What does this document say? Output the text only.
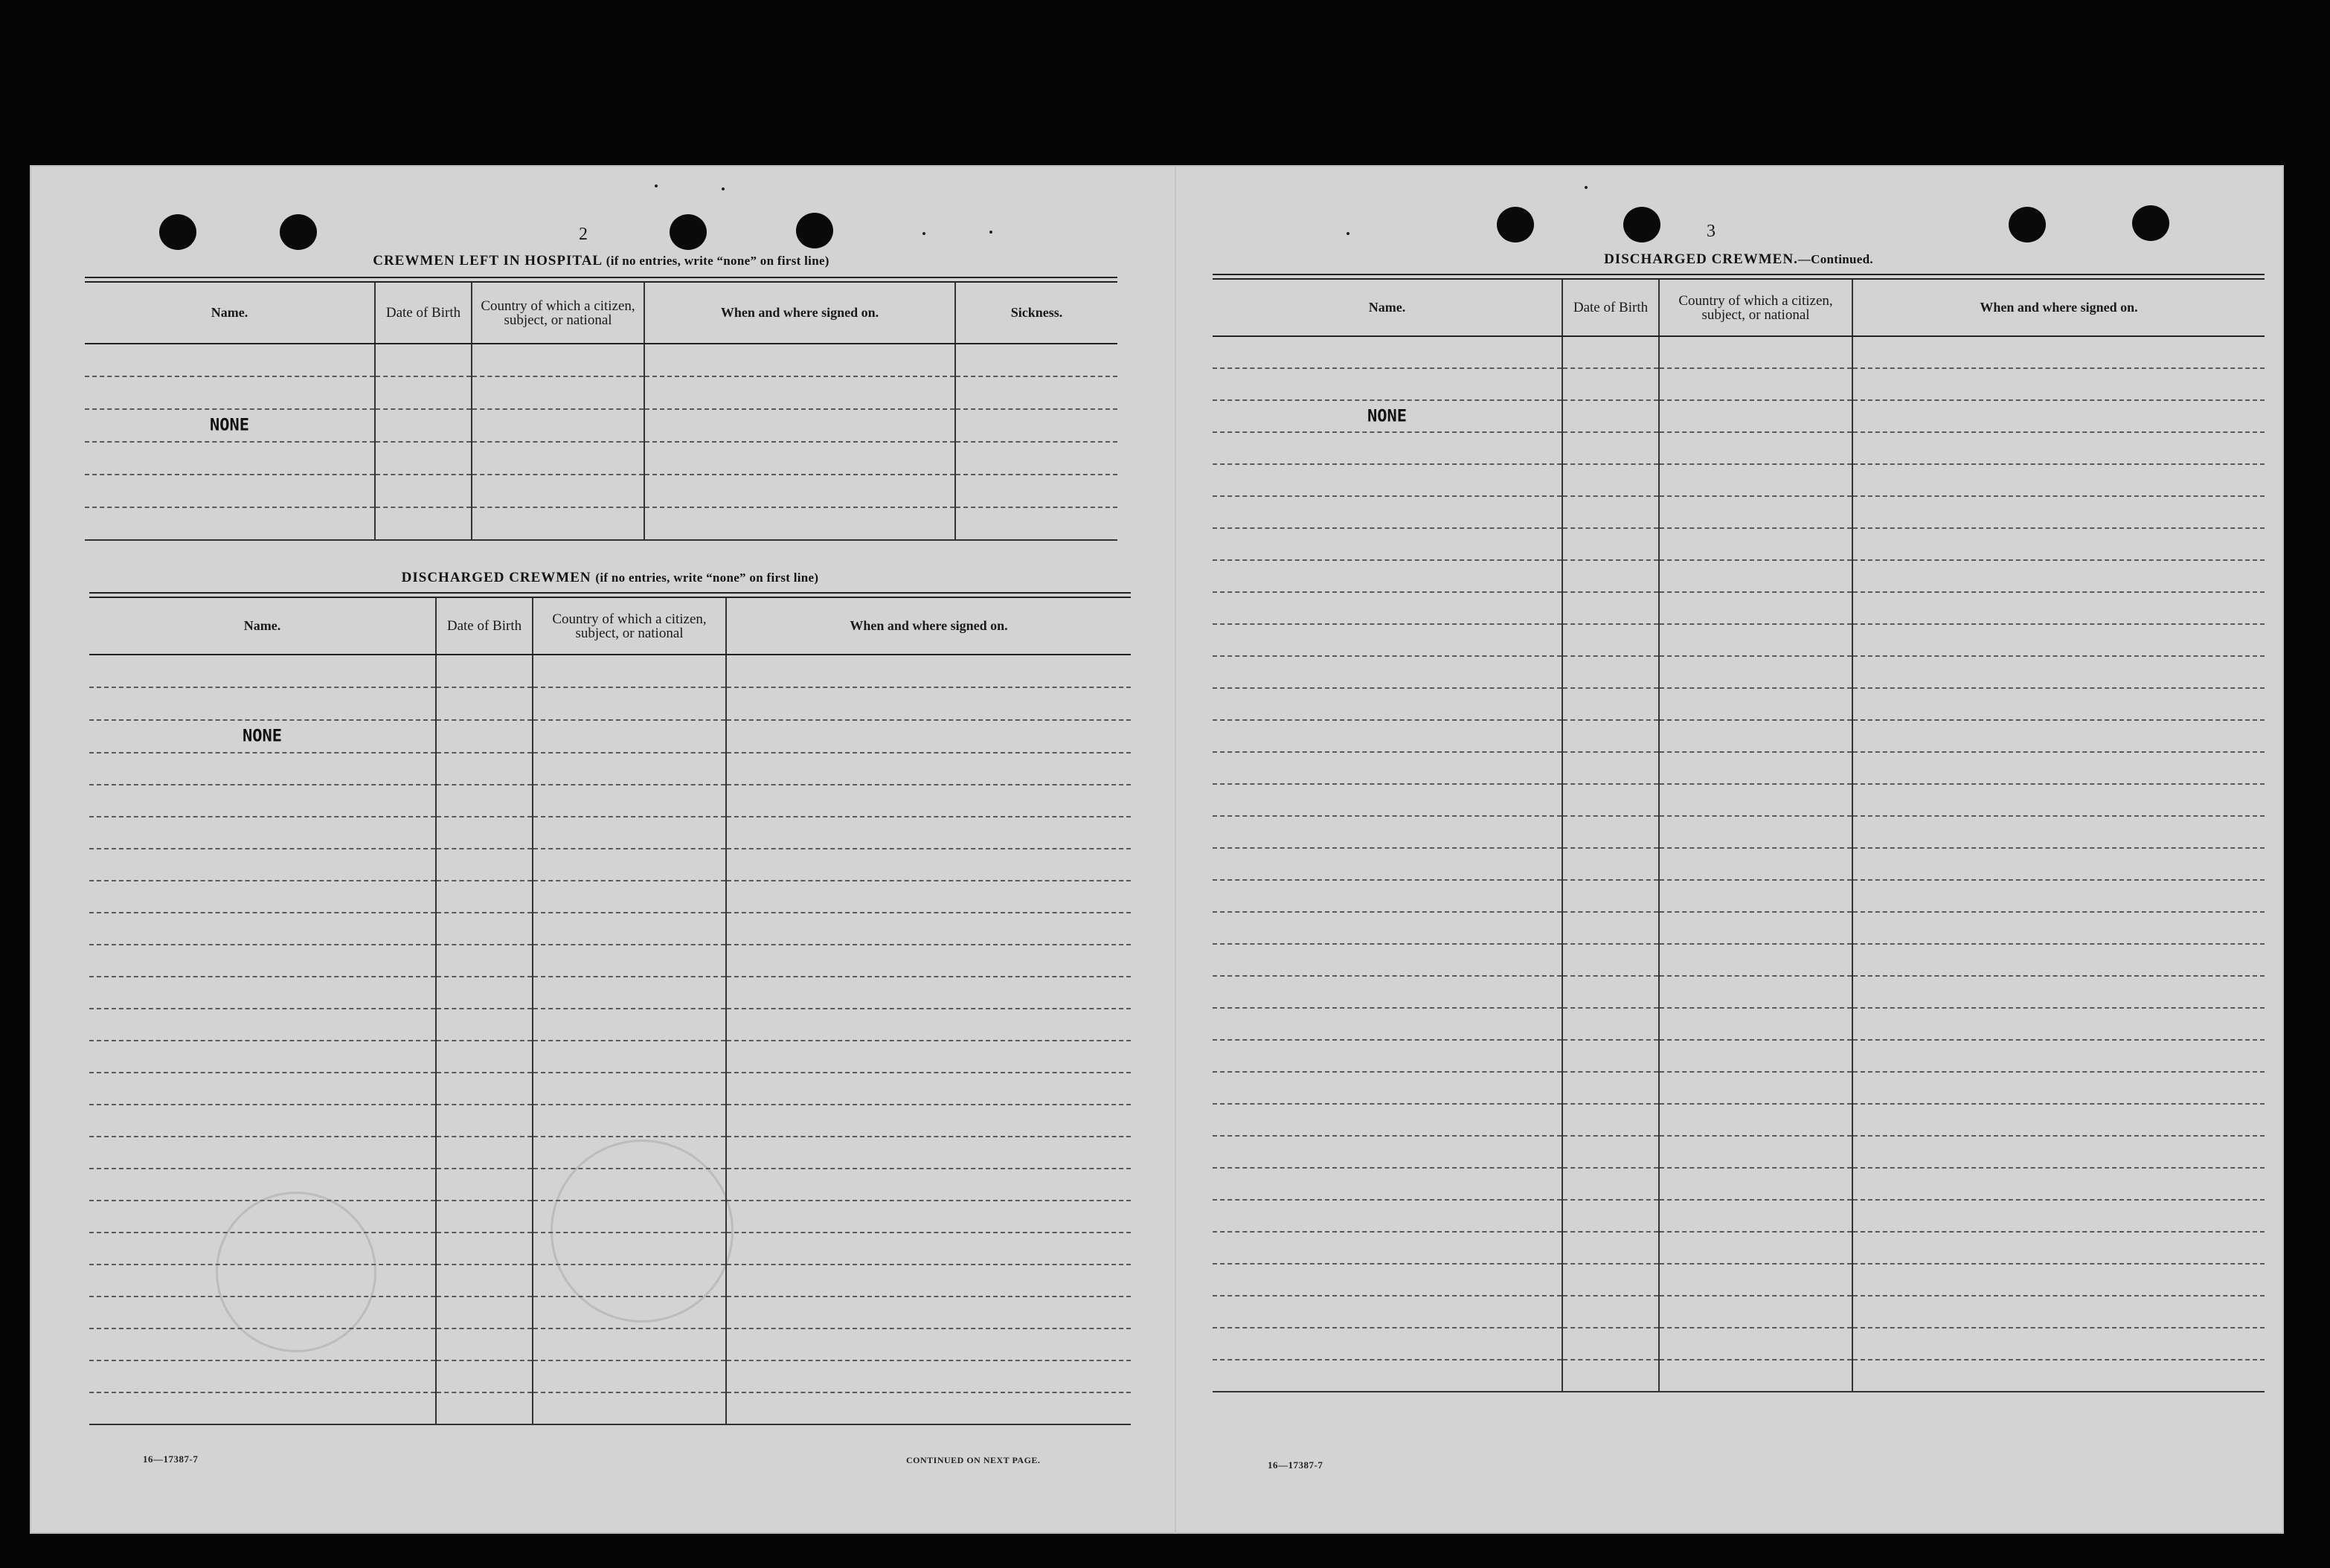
2
CREWMEN LEFT IN HOSPITAL (if no entries, write “none” on first line)
Name.	Date of Birth	Country of which a citizen, subject, or national	When and where signed on.	Sickness.

NONE				

DISCHARGED CREWMEN (if no entries, write “none” on first line)
Name.	Date of Birth	Country of which a citizen, subject, or national	When and where signed on.

NONE			

16—17387-7	CONTINUED ON NEXT PAGE.
3
DISCHARGED CREWMEN.—Continued.
Name.	Date of Birth	Country of which a citizen, subject, or national	When and where signed on.

NONE			

16—17387-7
